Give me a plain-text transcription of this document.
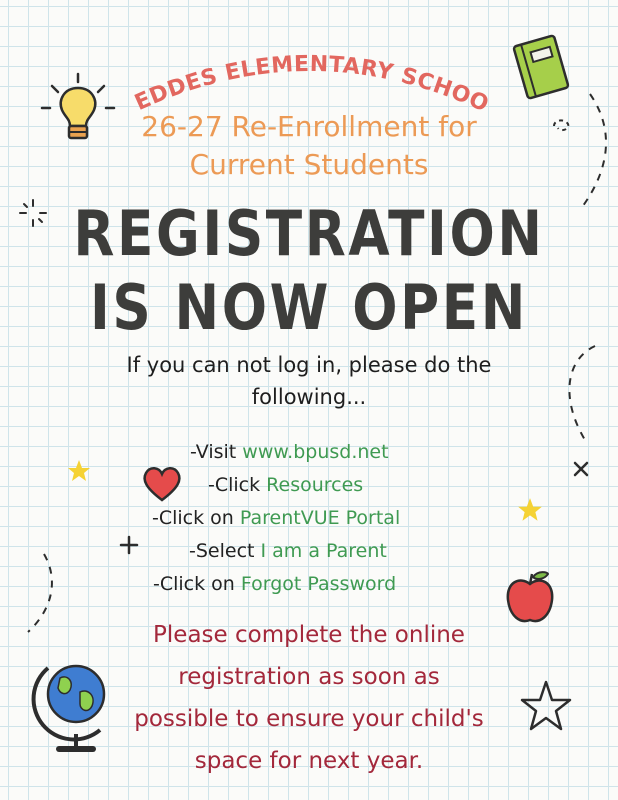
GEDDES ELEMENTARY SCHOOL
26-27 Re-Enrollment for
Current Students
REGISTRATION
IS NOW OPEN
If you can not log in, please do the
following...
-Visit www.bpusd.net
-Click Resources
-Click on ParentVUE Portal
-Select I am a Parent
-Click on Forgot Password
Please complete the online
registration as soon as
possible to ensure your child's
space for next year.
